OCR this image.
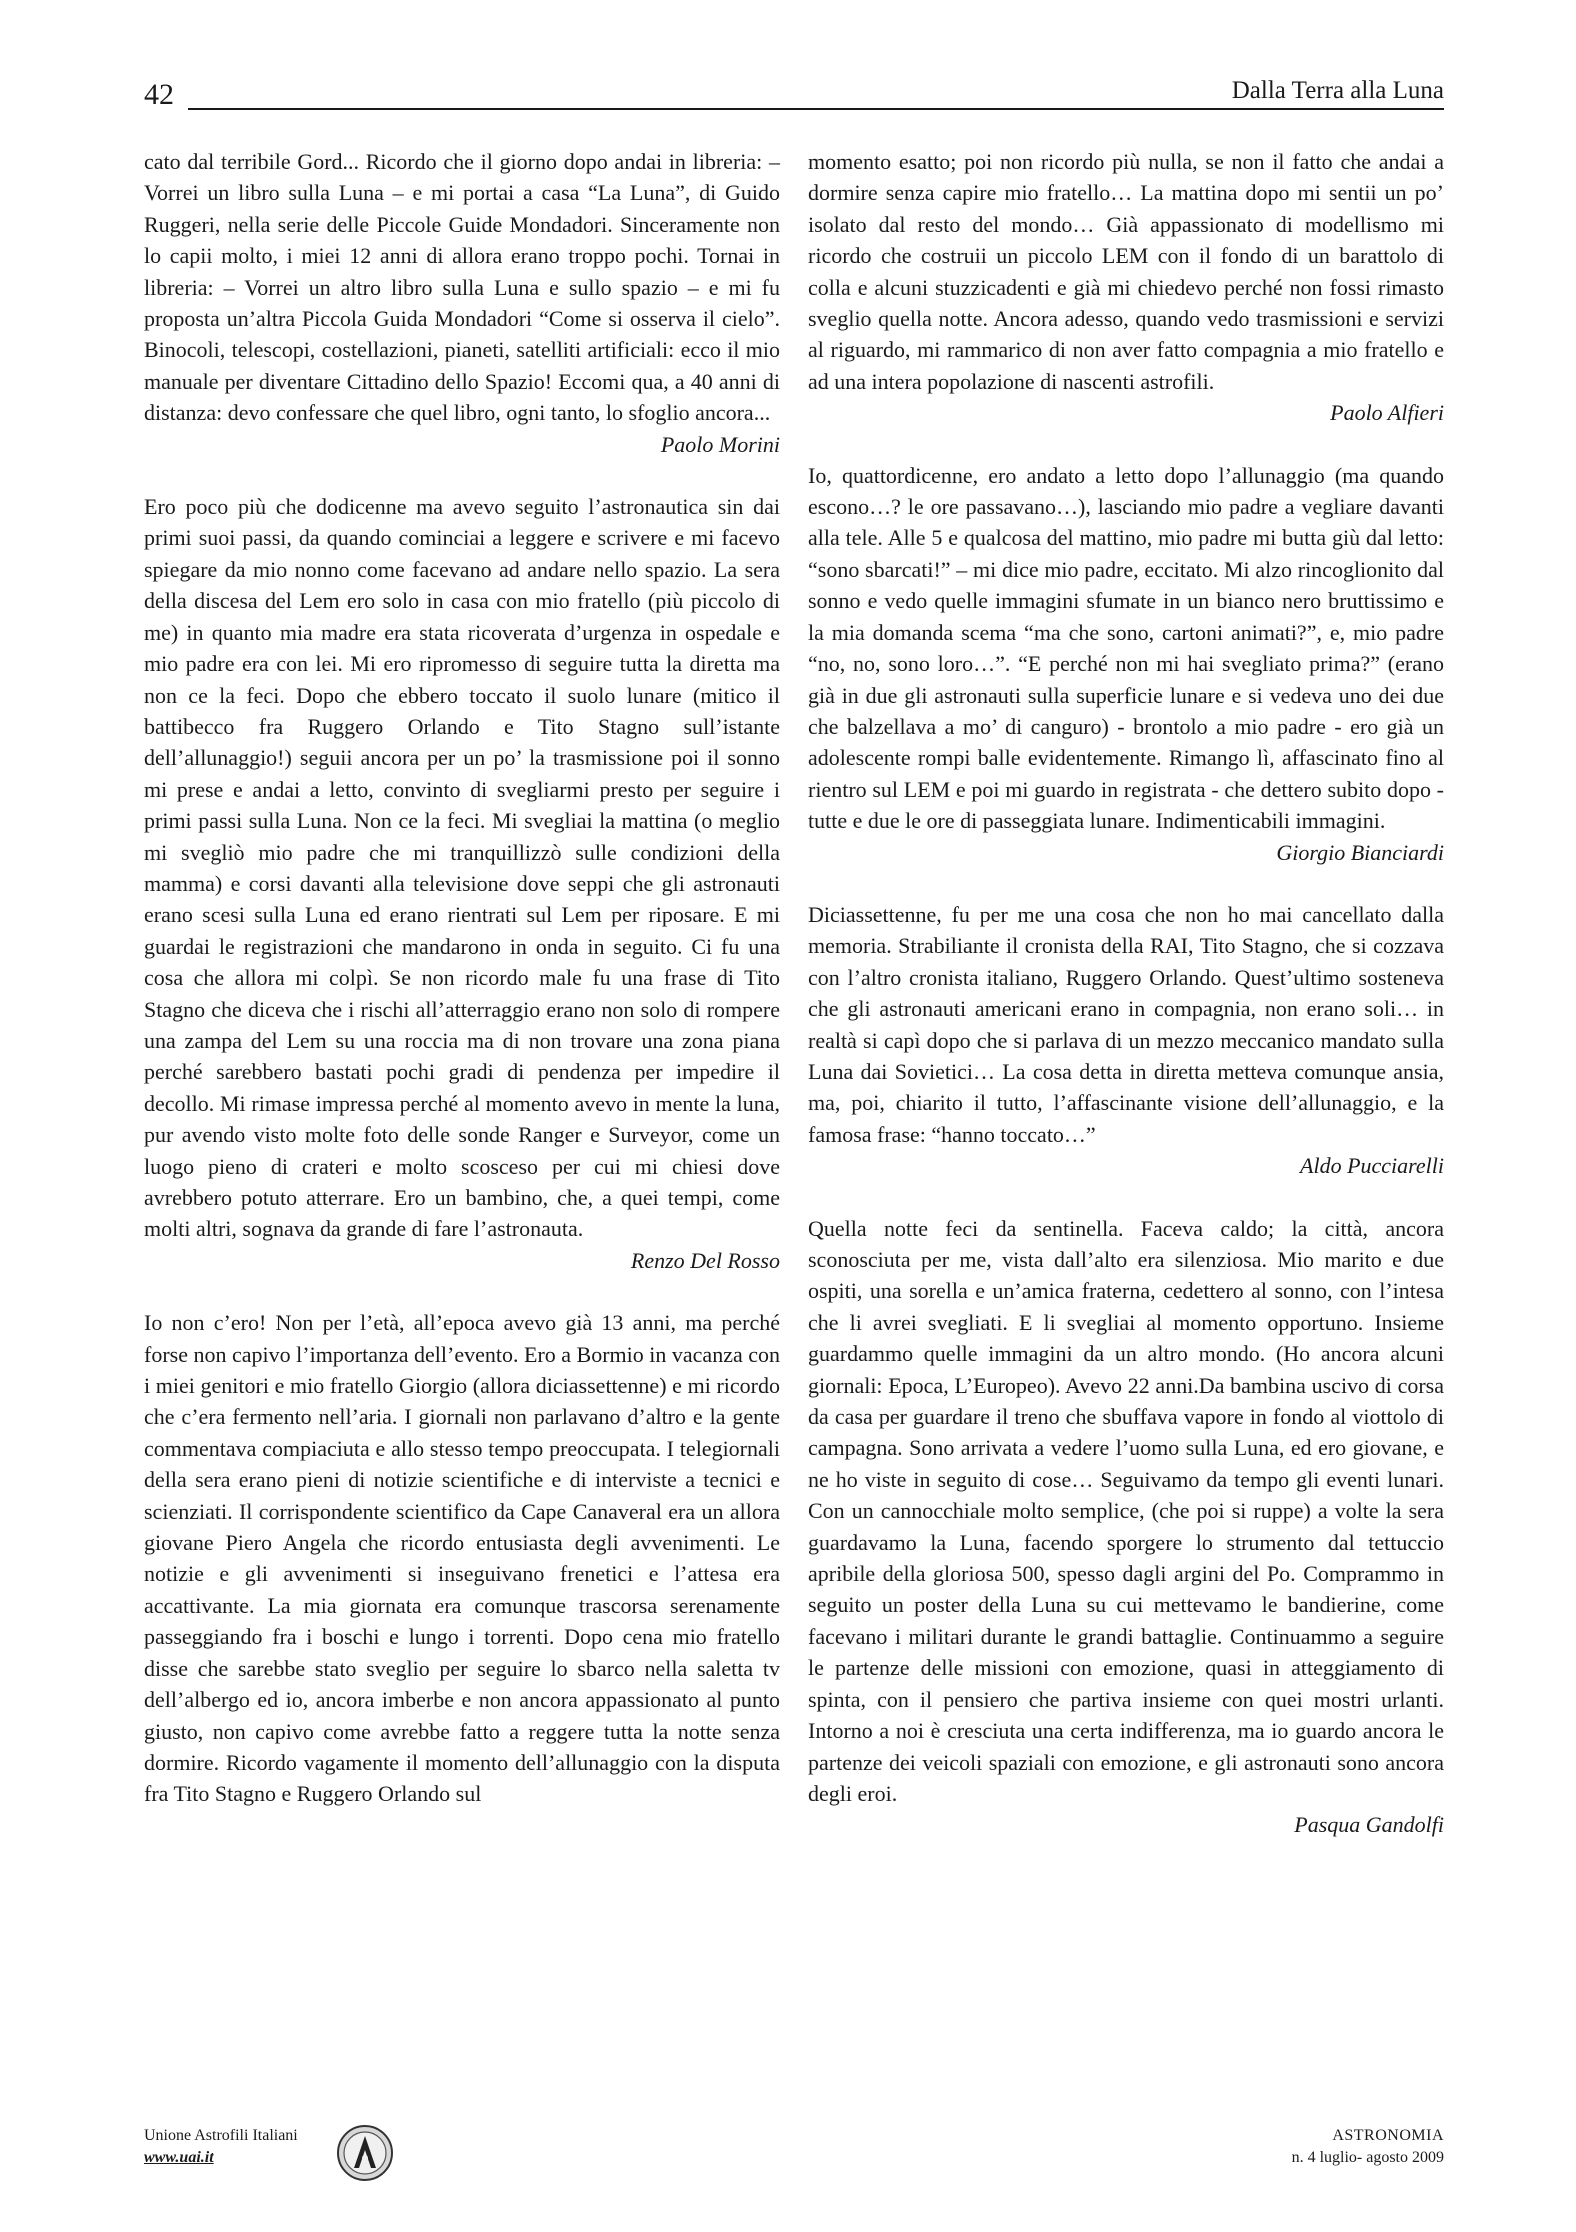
42	Dalla Terra alla Luna

cato dal terribile Gord... Ricordo che il giorno dopo andai in libreria: – Vorrei un libro sulla Luna – e mi portai a casa “La Luna”, di Guido Ruggeri, nella serie delle Piccole Guide Mondadori. Sinceramente non lo capii molto, i miei 12 anni di allora erano troppo pochi. Tornai in libreria: – Vorrei un altro libro sulla Luna e sullo spazio – e mi fu proposta un’altra Piccola Guida Mondadori “Come si osserva il cielo”. Binocoli, telescopi, costellazioni, pianeti, satelliti artificiali: ecco il mio manuale per diventare Cittadino dello Spazio! Eccomi qua, a 40 anni di distanza: devo confessare che quel libro, ogni tanto, lo sfoglio ancora...

Paolo Morini

Ero poco più che dodicenne ma avevo seguito l’astronautica sin dai primi suoi passi, da quando cominciai a leggere e scrivere e mi facevo spiegare da mio nonno come facevano ad andare nello spazio. La sera della discesa del Lem ero solo in casa con mio fratello (più piccolo di me) in quanto mia madre era stata ricoverata d’urgenza in ospedale e mio padre era con lei. Mi ero ripromesso di seguire tutta la diretta ma non ce la feci. Dopo che ebbero toccato il suolo lunare (mitico il battibecco fra Ruggero Orlando e Tito Stagno sull’istante dell’allunaggio!) seguii ancora per un po’ la trasmissione poi il sonno mi prese e andai a letto, convinto di svegliarmi presto per seguire i primi passi sulla Luna. Non ce la feci. Mi svegliai la mattina (o meglio mi svegliò mio padre che mi tranquillizzò sulle condizioni della mamma) e corsi davanti alla televisione dove seppi che gli astronauti erano scesi sulla Luna ed erano rientrati sul Lem per riposare. E mi guardai le registrazioni che mandarono in onda in seguito. Ci fu una cosa che allora mi colpì. Se non ricordo male fu una frase di Tito Stagno che diceva che i rischi all’atterraggio erano non solo di rompere una zampa del Lem su una roccia ma di non trovare una zona piana perché sarebbero bastati pochi gradi di pendenza per impedire il decollo. Mi rimase impressa perché al momento avevo in mente la luna, pur avendo visto molte foto delle sonde Ranger e Surveyor, come un luogo pieno di crateri e molto scosceso per cui mi chiesi dove avrebbero potuto atterrare. Ero un bambino, che, a quei tempi, come molti altri, sognava da grande di fare l’astronauta.

Renzo Del Rosso

Io non c’ero! Non per l’età, all’epoca avevo già 13 anni, ma perché forse non capivo l’importanza dell’evento. Ero a Bormio in vacanza con i miei genitori e mio fratello Giorgio (allora diciassettenne) e mi ricordo che c’era fermento nell’aria. I giornali non parlavano d’altro e la gente commentava compiaciuta e allo stesso tempo preoccupata. I telegiornali della sera erano pieni di notizie scientifiche e di interviste a tecnici e scienziati. Il corrispondente scientifico da Cape Canaveral era un allora giovane Piero Angela che ricordo entusiasta degli avvenimenti. Le notizie e gli avvenimenti si inseguivano frenetici e l’attesa era accattivante. La mia giornata era comunque trascorsa serenamente passeggiando fra i boschi e lungo i torrenti. Dopo cena mio fratello disse che sarebbe stato sveglio per seguire lo sbarco nella saletta tv dell’albergo ed io, ancora imberbe e non ancora appassionato al punto giusto, non capivo come avrebbe fatto a reggere tutta la notte senza dormire. Ricordo vagamente il momento dell’allunaggio con la disputa fra Tito Stagno e Ruggero Orlando sul

momento esatto; poi non ricordo più nulla, se non il fatto che andai a dormire senza capire mio fratello… La mattina dopo mi sentii un po’ isolato dal resto del mondo… Già appassionato di modellismo mi ricordo che costruii un piccolo LEM con il fondo di un barattolo di colla e alcuni stuzzicadenti e già mi chiedevo perché non fossi rimasto sveglio quella notte. Ancora adesso, quando vedo trasmissioni e servizi al riguardo, mi rammarico di non aver fatto compagnia a mio fratello e ad una intera popolazione di nascenti astrofili.

Paolo Alfieri

Io, quattordicenne, ero andato a letto dopo l’allunaggio (ma quando escono…? le ore passavano…), lasciando mio padre a vegliare davanti alla tele. Alle 5 e qualcosa del mattino, mio padre mi butta giù dal letto: “sono sbarcati!” – mi dice mio padre, eccitato. Mi alzo rincoglionito dal sonno e vedo quelle immagini sfumate in un bianco nero bruttissimo e la mia domanda scema “ma che sono, cartoni animati?”, e, mio padre “no, no, sono loro…”. “E perché non mi hai svegliato prima?” (erano già in due gli astronauti sulla superficie lunare e si vedeva uno dei due che balzellava a mo’ di canguro) - brontolo a mio padre - ero già un adolescente rompi balle evidentemente. Rimango lì, affascinato fino al rientro sul LEM e poi mi guardo in registrata - che dettero subito dopo - tutte e due le ore di passeggiata lunare. Indimenticabili immagini.

Giorgio Bianciardi

Diciassettenne, fu per me una cosa che non ho mai cancellato dalla memoria. Strabiliante il cronista della RAI, Tito Stagno, che si cozzava con l’altro cronista italiano, Ruggero Orlando. Quest’ultimo sosteneva che gli astronauti americani erano in compagnia, non erano soli… in realtà si capì dopo che si parlava di un mezzo meccanico mandato sulla Luna dai Sovietici… La cosa detta in diretta metteva comunque ansia, ma, poi, chiarito il tutto, l’affascinante visione dell’allunaggio, e la famosa frase: “hanno toccato…”

Aldo Pucciarelli

Quella notte feci da sentinella. Faceva caldo; la città, ancora sconosciuta per me, vista dall’alto era silenziosa. Mio marito e due ospiti, una sorella e un’amica fraterna, cedettero al sonno, con l’intesa che li avrei svegliati. E li svegliai al momento opportuno. Insieme guardammo quelle immagini da un altro mondo. (Ho ancora alcuni giornali: Epoca, L’Europeo). Avevo 22 anni.Da bambina uscivo di corsa da casa per guardare il treno che sbuffava vapore in fondo al viottolo di campagna. Sono arrivata a vedere l’uomo sulla Luna, ed ero giovane, e ne ho viste in seguito di cose… Seguivamo da tempo gli eventi lunari. Con un cannocchiale molto semplice, (che poi si ruppe) a volte la sera guardavamo la Luna, facendo sporgere lo strumento dal tettuccio apribile della gloriosa 500, spesso dagli argini del Po. Comprammo in seguito un poster della Luna su cui mettevamo le bandierine, come facevano i militari durante le grandi battaglie. Continuammo a seguire le partenze delle missioni con emozione, quasi in atteggiamento di spinta, con il pensiero che partiva insieme con quei mostri urlanti. Intorno a noi è cresciuta una certa indifferenza, ma io guardo ancora le partenze dei veicoli spaziali con emozione, e gli astronauti sono ancora degli eroi.

Pasqua Gandolfi

Unione Astrofili Italiani
www.uai.it
ASTRONOMIA
n. 4 luglio- agosto 2009
